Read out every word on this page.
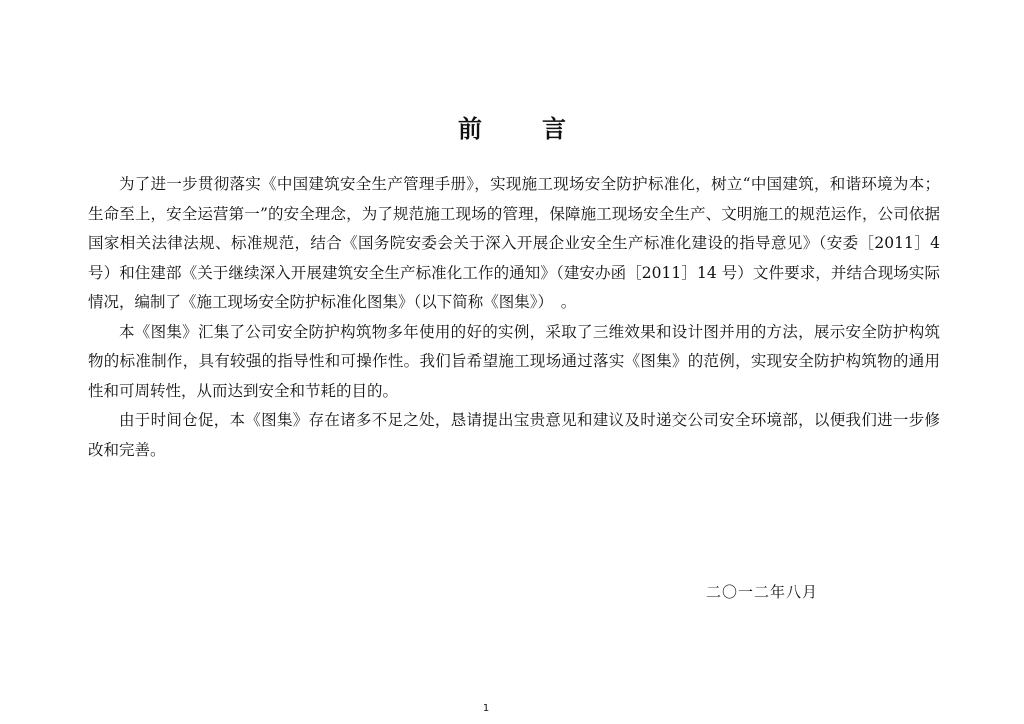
前　言

为了进一步贯彻落实《中国建筑安全生产管理手册》，实现施工现场安全防护标准化，树立“中国建筑，和谐环境为本；生命至上，安全运营第一”的安全理念，为了规范施工现场的管理，保障施工现场安全生产、文明施工的规范运作，公司依据国家相关法律法规、标准规范，结合《国务院安委会关于深入开展企业安全生产标准化建设的指导意见》（安委［2011］4 号）和住建部《关于继续深入开展建筑安全生产标准化工作的通知》（建安办函［2011］14 号）文件要求，并结合现场实际情况，编制了《施工现场安全防护标准化图集》（以下简称《图集》）　。

本《图集》汇集了公司安全防护构筑物多年使用的好的实例，采取了三维效果和设计图并用的方法，展示安全防护构筑物的标准制作，具有较强的指导性和可操作性。我们旨希望施工现场通过落实《图集》的范例，实现安全防护构筑物的通用性和可周转性，从而达到安全和节耗的目的。

由于时间仓促，本《图集》存在诸多不足之处，恳请提出宝贵意见和建议及时递交公司安全环境部，以便我们进一步修改和完善。

二〇一二年八月
1
